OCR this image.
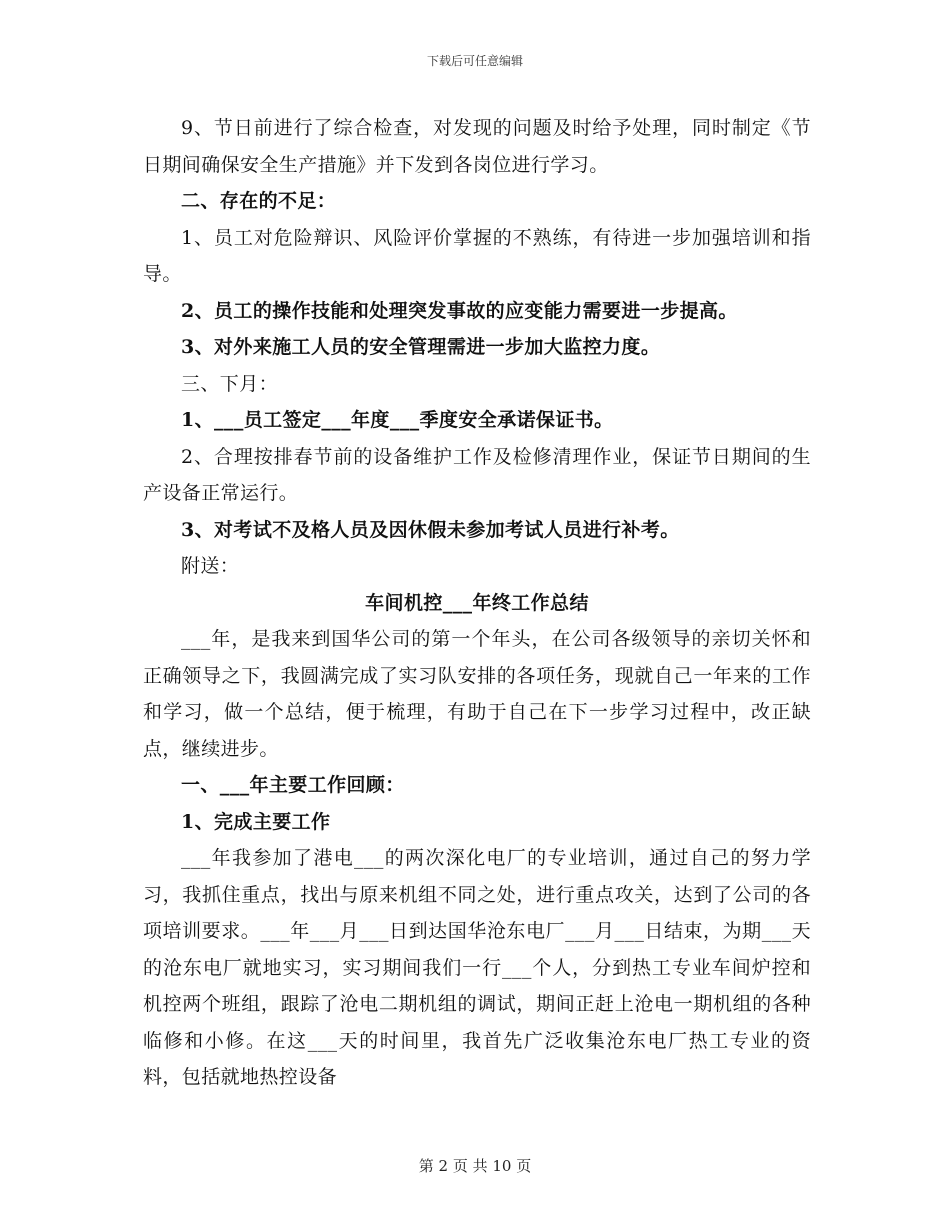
下载后可任意编辑

9、节日前进行了综合检查，对发现的问题及时给予处理，同时制定《节日期间确保安全生产措施》并下发到各岗位进行学习。

二、存在的不足：

1、员工对危险辩识、风险评价掌握的不熟练，有待进一步加强培训和指导。

2、员工的操作技能和处理突发事故的应变能力需要进一步提高。

3、对外来施工人员的安全管理需进一步加大监控力度。

三、下月：

1、___员工签定___年度___季度安全承诺保证书。

2、合理按排春节前的设备维护工作及检修清理作业，保证节日期间的生产设备正常运行。

3、对考试不及格人员及因休假未参加考试人员进行补考。

附送：

车间机控___年终工作总结

___年，是我来到国华公司的第一个年头，在公司各级领导的亲切关怀和正确领导之下，我圆满完成了实习队安排的各项任务，现就自己一年来的工作和学习，做一个总结，便于梳理，有助于自己在下一步学习过程中，改正缺点，继续进步。

一、___年主要工作回顾：

1、完成主要工作

___年我参加了港电___的两次深化电厂的专业培训，通过自己的努力学习，我抓住重点，找出与原来机组不同之处，进行重点攻关，达到了公司的各项培训要求。___年___月___日到达国华沧东电厂___月___日结束，为期___天的沧东电厂就地实习，实习期间我们一行___个人，分到热工专业车间炉控和机控两个班组，跟踪了沧电二期机组的调试，期间正赶上沧电一期机组的各种临修和小修。在这___天的时间里，我首先广泛收集沧东电厂热工专业的资料，包括就地热控设备

第 2 页 共 10 页
